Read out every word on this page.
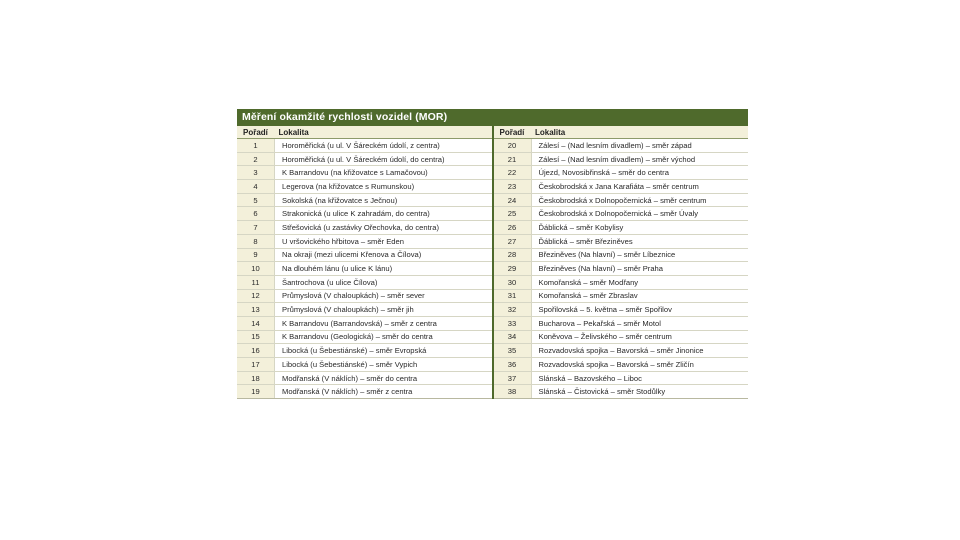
Měření okamžité rychlosti vozidel (MOR)
Pořadí	Lokalita
1	Horoměřická (u ul. V Šáreckém údolí, z centra)
2	Horoměřická (u ul. V Šáreckém údolí, do centra)
3	K Barrandovu (na křižovatce s Lamačovou)
4	Legerova (na křižovatce s Rumunskou)
5	Sokolská (na křižovatce s Ječnou)
6	Strakonická (u ulice K zahradám, do centra)
7	Střešovická (u zastávky Ořechovka, do centra)
8	U vršovického hřbitova – směr Eden
9	Na okraji (mezi ulicemi Křenova a Čílova)
10	Na dlouhém lánu (u ulice K lánu)
11	Šantrochova (u ulice Čílova)
12	Průmyslová (V chaloupkách) – směr sever
13	Průmyslová (V chaloupkách) – směr jih
14	K Barrandovu (Barrandovská) – směr z centra
15	K Barrandovu (Geologická) – směr do centra
16	Libocká (u Šebestiánské) – směr Evropská
17	Libocká (u Šebestiánské) – směr Vypich
18	Modřanská (V náklích) – směr do centra
19	Modřanská (V náklích) – směr z centra
Pořadí	Lokalita
20	Zálesí – (Nad lesním divadlem) – směr západ
21	Zálesí – (Nad lesním divadlem) – směr východ
22	Újezd, Novosibřinská – směr do centra
23	Českobrodská x Jana Karafiáta – směr centrum
24	Českobrodská x Dolnopočernická – směr centrum
25	Českobrodská x Dolnopočernická – směr Úvaly
26	Ďáblická – směr Kobylisy
27	Ďáblická – směr Březiněves
28	Březiněves (Na hlavní) – směr Líbeznice
29	Březiněves (Na hlavní) – směr Praha
30	Komořanská – směr Modřany
31	Komořanská – směr Zbraslav
32	Spořilovská – 5. května – směr Spořilov
33	Bucharova – Pekařská – směr Motol
34	Koněvova – Želivského – směr centrum
35	Rozvadovská spojka – Bavorská – směr Jinonice
36	Rozvadovská spojka – Bavorská – směr Zličín
37	Slánská – Bazovského – Liboc
38	Slánská – Čistovická – směr Stodůlky
